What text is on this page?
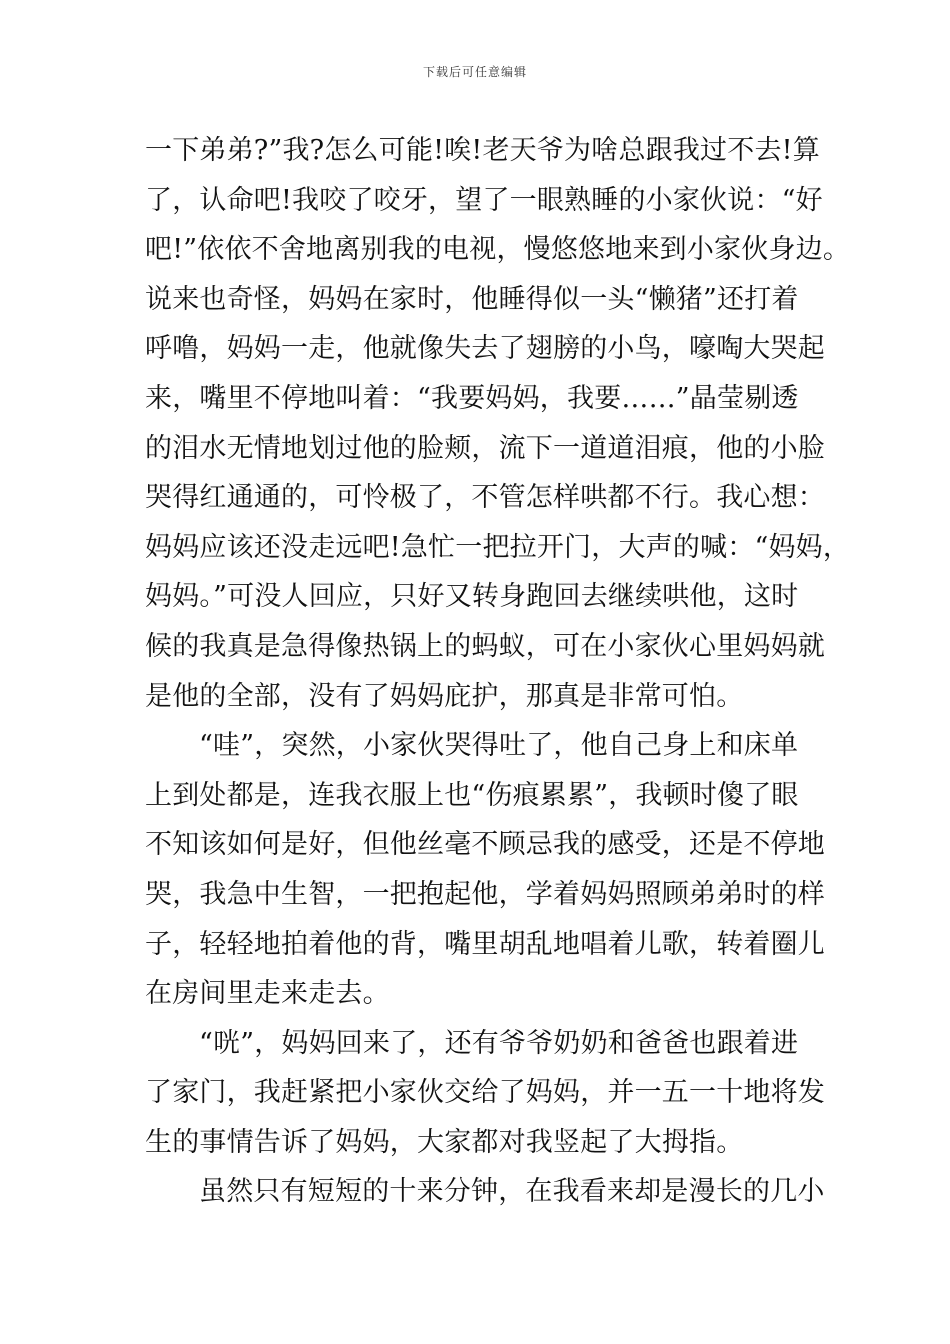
下载后可任意编辑
一下弟弟?”我?怎么可能!唉!老天爷为啥总跟我过不去!算
了，认命吧!我咬了咬牙，望了一眼熟睡的小家伙说：“好
吧!”依依不舍地离别我的电视，慢悠悠地来到小家伙身边。
说来也奇怪，妈妈在家时，他睡得似一头“懒猪”还打着
呼噜，妈妈一走，他就像失去了翅膀的小鸟，嚎啕大哭起
来，嘴里不停地叫着：“我要妈妈，我要……”晶莹剔透
的泪水无情地划过他的脸颊，流下一道道泪痕，他的小脸
哭得红通通的，可怜极了，不管怎样哄都不行。我心想：
妈妈应该还没走远吧!急忙一把拉开门，大声的喊：“妈妈，
妈妈。”可没人回应，只好又转身跑回去继续哄他，这时
候的我真是急得像热锅上的蚂蚁，可在小家伙心里妈妈就
是他的全部，没有了妈妈庇护，那真是非常可怕。
“哇”，突然，小家伙哭得吐了，他自己身上和床单
上到处都是，连我衣服上也“伤痕累累”，我顿时傻了眼
不知该如何是好，但他丝毫不顾忌我的感受，还是不停地
哭，我急中生智，一把抱起他，学着妈妈照顾弟弟时的样
子，轻轻地拍着他的背，嘴里胡乱地唱着儿歌，转着圈儿
在房间里走来走去。
“咣”，妈妈回来了，还有爷爷奶奶和爸爸也跟着进
了家门，我赶紧把小家伙交给了妈妈，并一五一十地将发
生的事情告诉了妈妈，大家都对我竖起了大拇指。
虽然只有短短的十来分钟，在我看来却是漫长的几小
